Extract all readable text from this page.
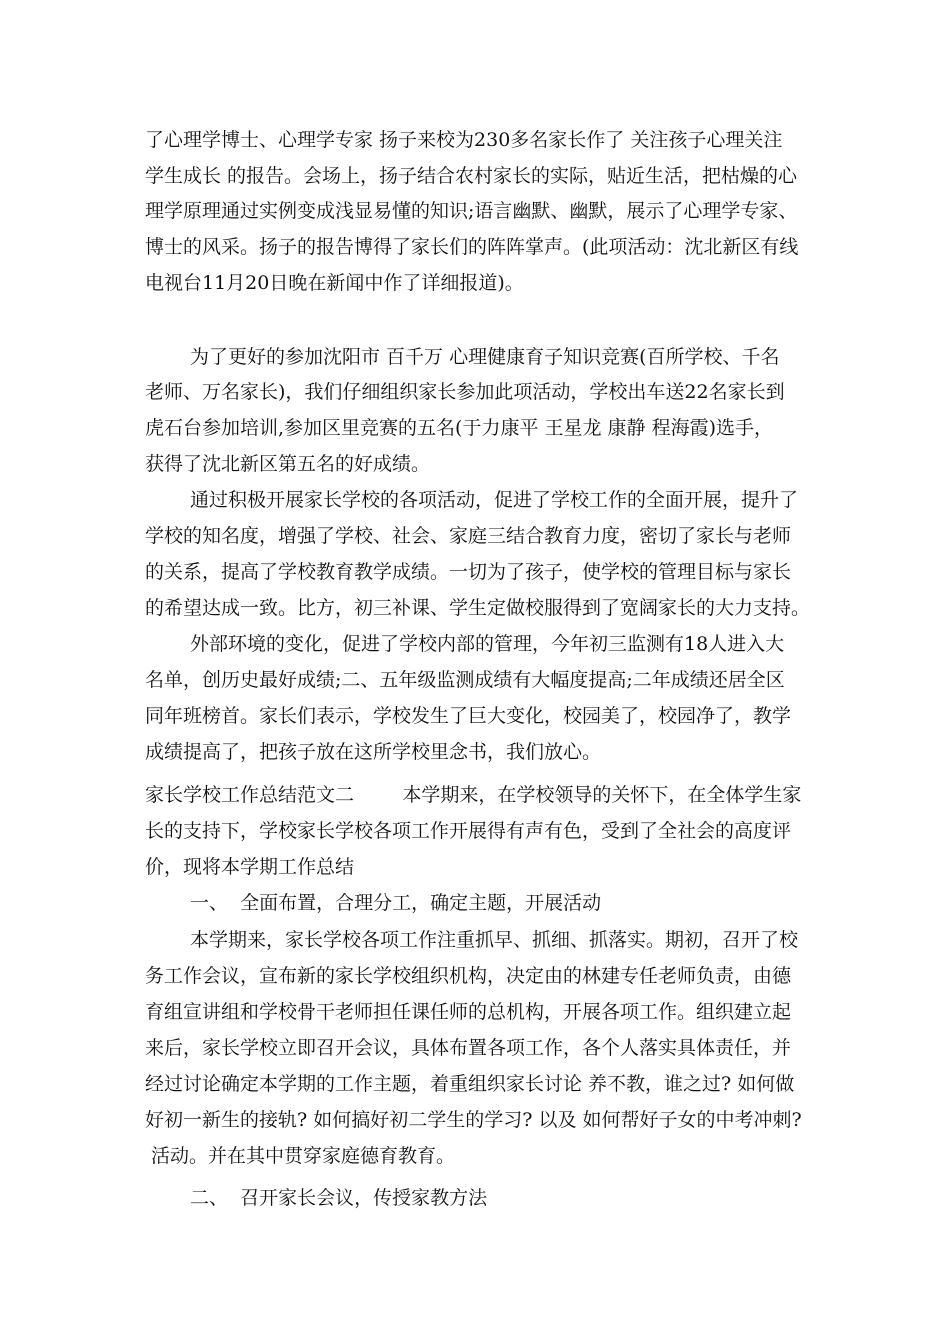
了心理学博士、心理学专家 扬子来校为230多名家长作了 关注孩子心理关注
学生成长 的报告。会场上，扬子结合农村家长的实际，贴近生活，把枯燥的心
理学原理通过实例变成浅显易懂的知识;语言幽默、幽默，展示了心理学专家、
博士的风采。扬子的报告博得了家长们的阵阵掌声。(此项活动：沈北新区有线
电视台11月20日晚在新闻中作了详细报道)。
为了更好的参加沈阳市 百千万 心理健康育子知识竞赛(百所学校、千名
老师、万名家长)，我们仔细组织家长参加此项活动，学校出车送22名家长到
虎石台参加培训,参加区里竞赛的五名(于力康平 王星龙 康静 程海霞)选手，
获得了沈北新区第五名的好成绩。
通过积极开展家长学校的各项活动，促进了学校工作的全面开展，提升了
学校的知名度，增强了学校、社会、家庭三结合教育力度，密切了家长与老师
的关系，提高了学校教育教学成绩。一切为了孩子，使学校的管理目标与家长
的希望达成一致。比方，初三补课、学生定做校服得到了宽阔家长的大力支持。
外部环境的变化，促进了学校内部的管理，今年初三监测有18人进入大
名单，创历史最好成绩;二、五年级监测成绩有大幅度提高;二年成绩还居全区
同年班榜首。家长们表示，学校发生了巨大变化，校园美了，校园净了，教学
成绩提高了，把孩子放在这所学校里念书，我们放心。
家长学校工作总结范文二        本学期来，在学校领导的关怀下，在全体学生家
长的支持下，学校家长学校各项工作开展得有声有色，受到了全社会的高度评
价，现将本学期工作总结
一、  全面布置，合理分工，确定主题，开展活动
本学期来，家长学校各项工作注重抓早、抓细、抓落实。期初，召开了校
务工作会议，宣布新的家长学校组织机构，决定由的林建专任老师负责，由德
育组宣讲组和学校骨干老师担任课任师的总机构，开展各项工作。组织建立起
来后，家长学校立即召开会议，具体布置各项工作，各个人落实具体责任，并
经过讨论确定本学期的工作主题，着重组织家长讨论 养不教，谁之过? 如何做
好初一新生的接轨? 如何搞好初二学生的学习? 以及 如何帮好子女的中考冲刺?
活动。并在其中贯穿家庭德育教育。
二、  召开家长会议，传授家教方法
